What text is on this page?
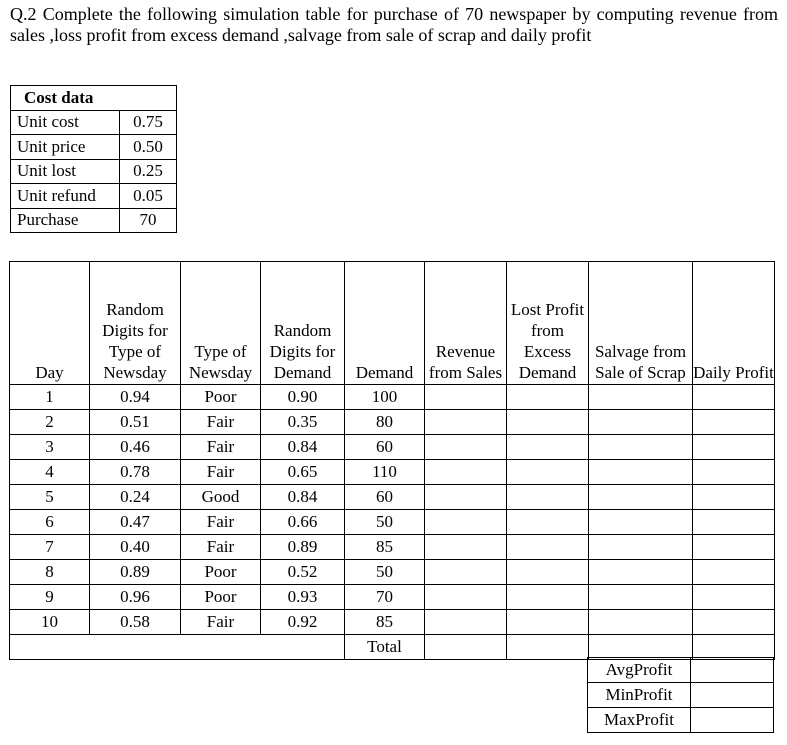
Q.2 Complete the following simulation table for purchase of 70 newspaper by computing revenue from sales ,loss profit from excess demand ,salvage from sale of scrap and daily profit
Cost data		
Unit cost	0.75	
Unit price	0.50	
Unit lost	0.25	
Unit refund	0.05	
Purchase	70	
Day	Random Digits for Type of Newsday	Type of Newsday	Random Digits for Demand	Demand	Revenue from Sales	Lost Profit from Excess Demand	Salvage from Sale of Scrap	Daily Profit
1	0.94	Poor	0.90	100				
2	0.51	Fair	0.35	80				
3	0.46	Fair	0.84	60				
4	0.78	Fair	0.65	110				
5	0.24	Good	0.84	60				
6	0.47	Fair	0.66	50				
7	0.40	Fair	0.89	85				
8	0.89	Poor	0.52	50				
9	0.96	Poor	0.93	70				
10	0.58	Fair	0.92	85				
				Total				
AvgProfit	
MinProfit	
MaxProfit	
